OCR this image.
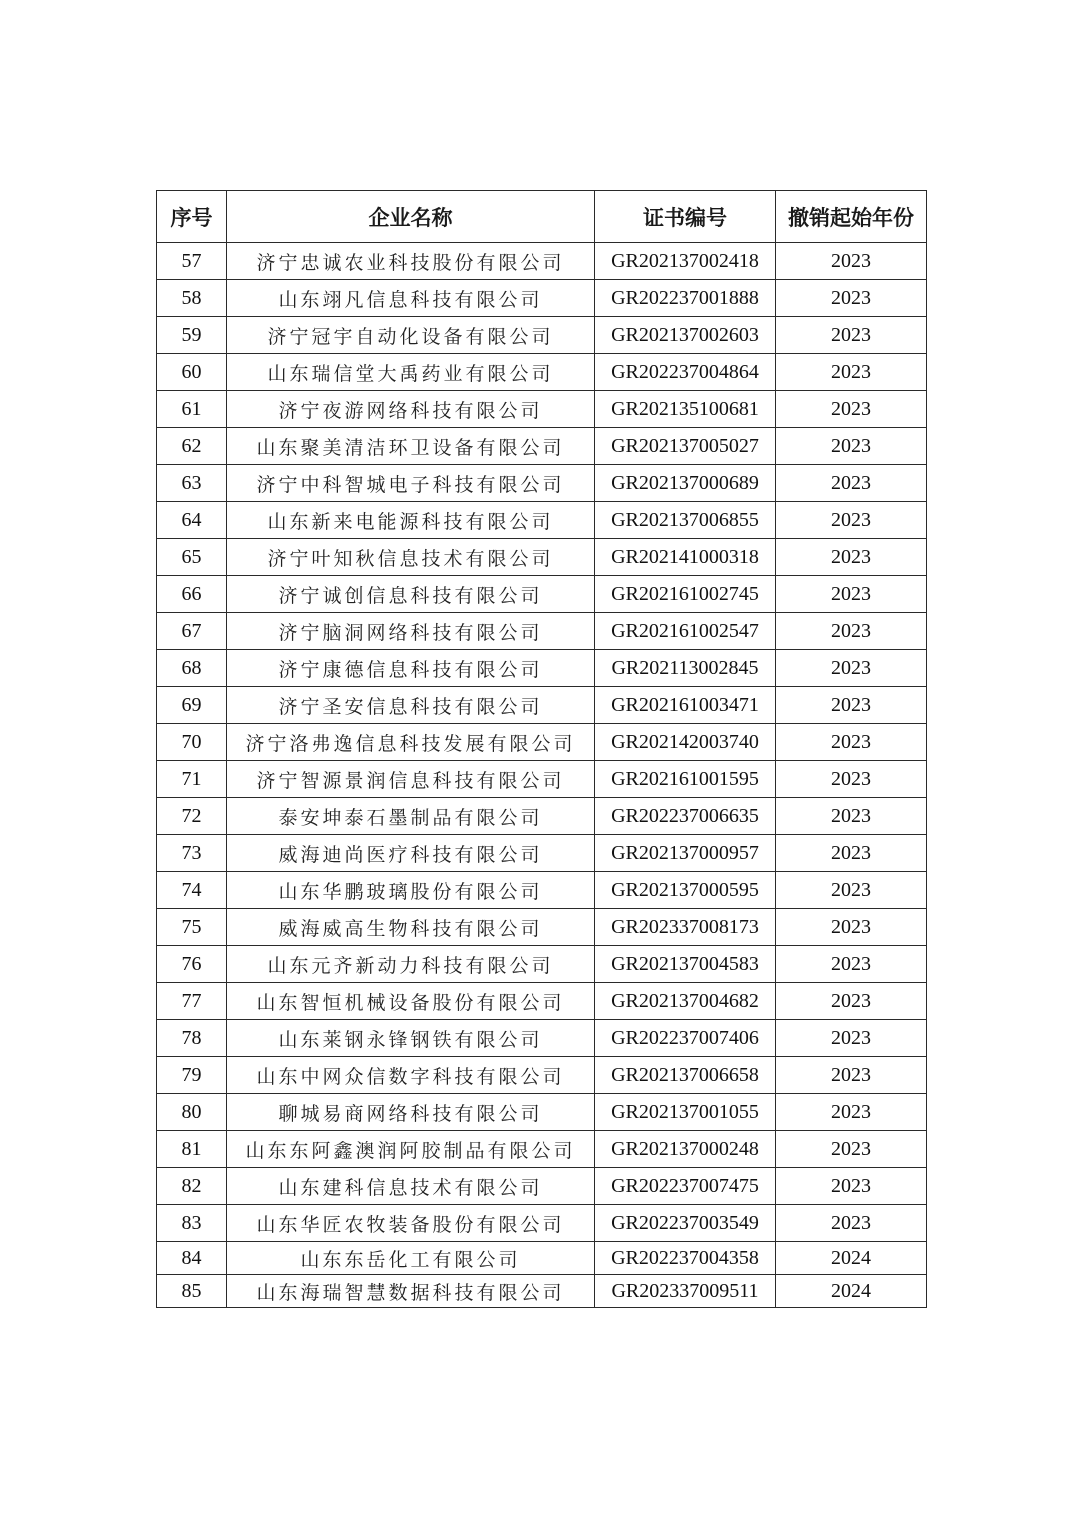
序号	企业名称	证书编号	撤销起始年份
57	济宁忠诚农业科技股份有限公司	GR202137002418	2023
58	山东翊凡信息科技有限公司	GR202237001888	2023
59	济宁冠宇自动化设备有限公司	GR202137002603	2023
60	山东瑞信堂大禹药业有限公司	GR202237004864	2023
61	济宁夜游网络科技有限公司	GR202135100681	2023
62	山东聚美清洁环卫设备有限公司	GR202137005027	2023
63	济宁中科智城电子科技有限公司	GR202137000689	2023
64	山东新来电能源科技有限公司	GR202137006855	2023
65	济宁叶知秋信息技术有限公司	GR202141000318	2023
66	济宁诚创信息科技有限公司	GR202161002745	2023
67	济宁脑洞网络科技有限公司	GR202161002547	2023
68	济宁康德信息科技有限公司	GR202113002845	2023
69	济宁圣安信息科技有限公司	GR202161003471	2023
70	济宁洛弗逸信息科技发展有限公司	GR202142003740	2023
71	济宁智源景润信息科技有限公司	GR202161001595	2023
72	泰安坤泰石墨制品有限公司	GR202237006635	2023
73	威海迪尚医疗科技有限公司	GR202137000957	2023
74	山东华鹏玻璃股份有限公司	GR202137000595	2023
75	威海威高生物科技有限公司	GR202337008173	2023
76	山东元齐新动力科技有限公司	GR202137004583	2023
77	山东智恒机械设备股份有限公司	GR202137004682	2023
78	山东莱钢永锋钢铁有限公司	GR202237007406	2023
79	山东中网众信数字科技有限公司	GR202137006658	2023
80	聊城易商网络科技有限公司	GR202137001055	2023
81	山东东阿鑫澳润阿胶制品有限公司	GR202137000248	2023
82	山东建科信息技术有限公司	GR202237007475	2023
83	山东华匠农牧装备股份有限公司	GR202237003549	2023
84	山东东岳化工有限公司	GR202237004358	2024
85	山东海瑞智慧数据科技有限公司	GR202337009511	2024
